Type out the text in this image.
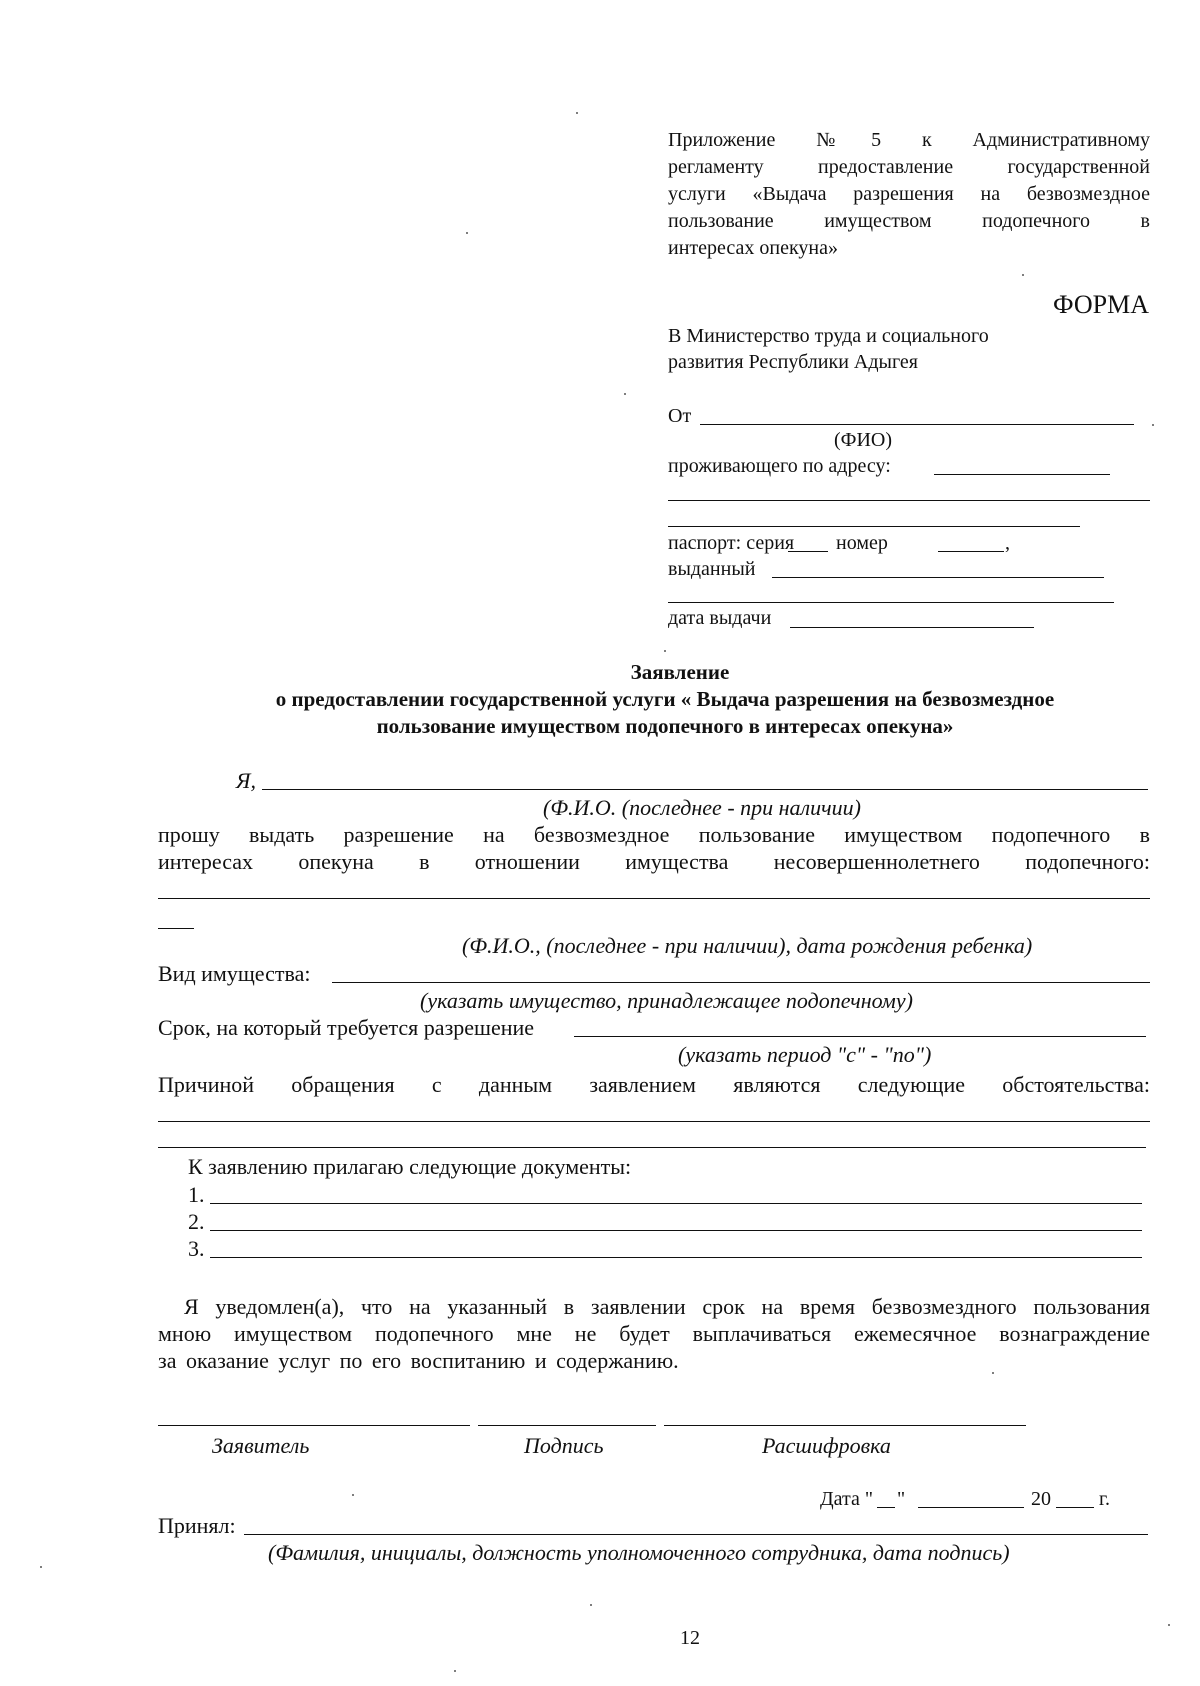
Приложение №5 к Административному
регламенту предоставление государственной
услуги «Выдача разрешения на безвозмездное
пользование имуществом подопечного в
интересах опекуна»
ФОРМА
В Министерство труда и социального
развития Республики Адыгея
От
(ФИО)
проживающего по адресу:
паспорт: серия номер	,
выданный
дата выдачи
Заявление
о предоставлении государственной услуги « Выдача разрешения на безвозмездное
пользование имуществом подопечного в интересах опекуна»
Я,
(Ф.И.О. (последнее - при наличии)
прошу выдать разрешение на безвозмездное пользование имуществом подопечного в
интересах опекуна в отношении имущества несовершеннолетнего подопечного:
(Ф.И.О., (последнее - при наличии), дата рождения ребенка)
Вид имущества:
(указать имущество, принадлежащее подопечному)
Срок, на который требуется разрешение
(указать период "с" - "по")
Причиной обращения с данным заявлением являются следующие обстоятельства:
К заявлению прилагаю следующие документы:
1.
2.
3.
Я уведомлен(а), что на указанный в заявлении срок на время безвозмездного пользования
мною имуществом подопечного мне не будет выплачиваться ежемесячное вознаграждение
за оказание услуг по его воспитанию и содержанию.
Заявитель	Подпись	Расшифровка
Дата " "	20 г.
Принял:
(Фамилия, инициалы, должность уполномоченного сотрудника, дата подпись)
12
